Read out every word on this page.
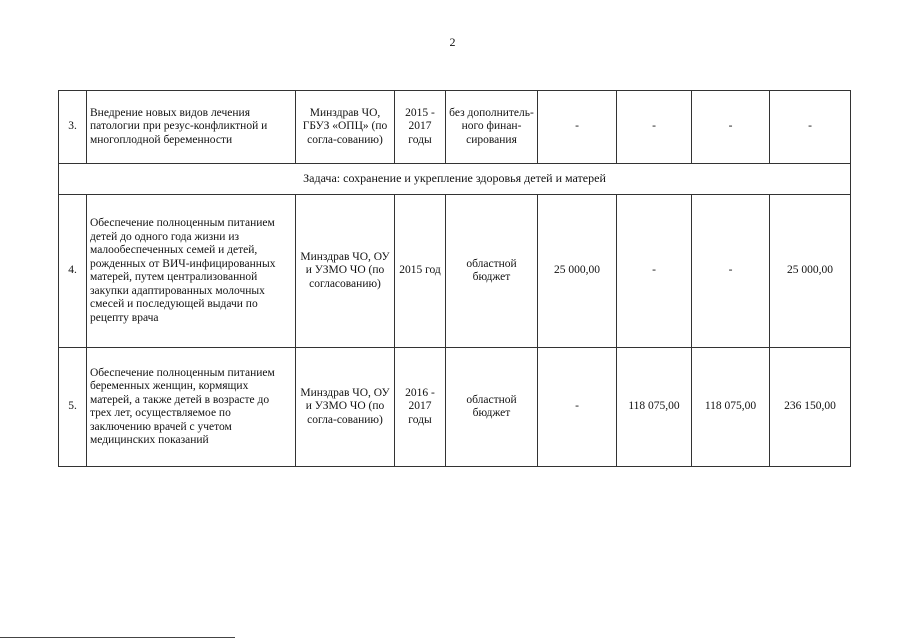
2
3.	Внедрение новых видов лечения патологии при резус-конфликтной и многоплодной беременности	Минздрав ЧО, ГБУЗ «ОПЦ» (по согла-сованию)	2015 - 2017 годы	без дополнитель-ного финан-сирования	-	-	-	-
Задача: сохранение и укрепление здоровья детей и матерей								
4.	Обеспечение полноценным питанием детей до одного года жизни из малообеспеченных семей и детей, рожденных от ВИЧ-инфицированных матерей, путем централизованной закупки адаптированных молочных смесей и последующей выдачи по рецепту врача	Минздрав ЧО, ОУ и УЗМО ЧО (по согласованию)	2015 год	областной бюджет	25 000,00	-	-	25 000,00
5.	Обеспечение полноценным питанием беременных женщин, кормящих матерей, а также детей в возрасте до трех лет, осуществляемое по заключению врачей с учетом медицинских показаний	Минздрав ЧО, ОУ и УЗМО ЧО (по согла-сованию)	2016 - 2017 годы	областной бюджет	-	118 075,00	118 075,00	236 150,00
